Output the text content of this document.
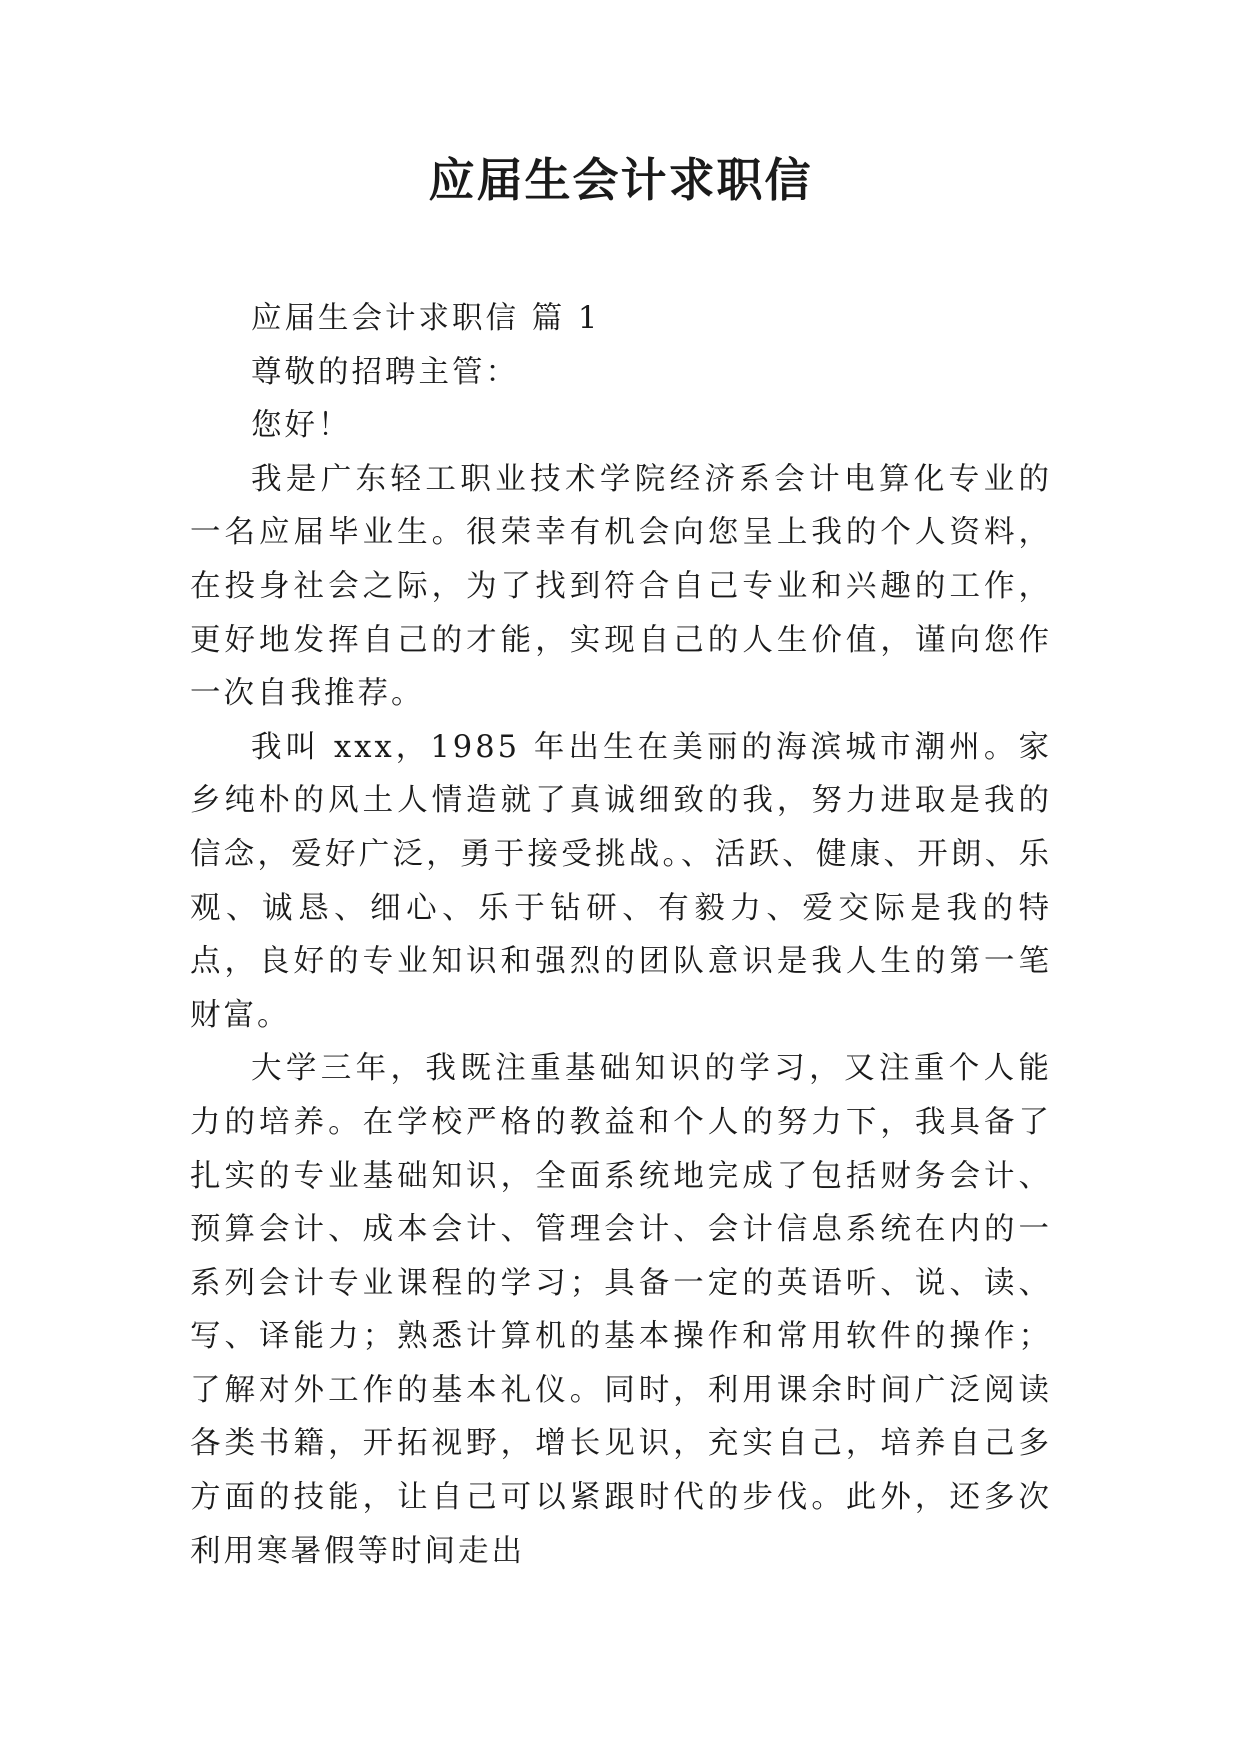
应届生会计求职信

应届生会计求职信 篇 1

尊敬的招聘主管：

您好！

我是广东轻工职业技术学院经济系会计电算化专业的一名应届毕业生。很荣幸有机会向您呈上我的个人资料，在投身社会之际，为了找到符合自己专业和兴趣的工作，更好地发挥自己的才能，实现自己的人生价值，谨向您作一次自我推荐。

我叫 xxx，1985 年出生在美丽的海滨城市潮州。家乡纯朴的风土人情造就了真诚细致的我，努力进取是我的信念，爱好广泛，勇于接受挑战。、活跃、健康、开朗、乐观、诚恳、细心、乐于钻研、有毅力、爱交际是我的特点，良好的专业知识和强烈的团队意识是我人生的第一笔财富。

大学三年，我既注重基础知识的学习，又注重个人能力的培养。在学校严格的教益和个人的努力下，我具备了扎实的专业基础知识，全面系统地完成了包括财务会计、预算会计、成本会计、管理会计、会计信息系统在内的一系列会计专业课程的学习；具备一定的英语听、说、读、写、译能力；熟悉计算机的基本操作和常用软件的操作；了解对外工作的基本礼仪。同时，利用课余时间广泛阅读各类书籍，开拓视野，增长见识，充实自己，培养自己多方面的技能，让自己可以紧跟时代的步伐。此外，还多次利用寒暑假等时间走出
